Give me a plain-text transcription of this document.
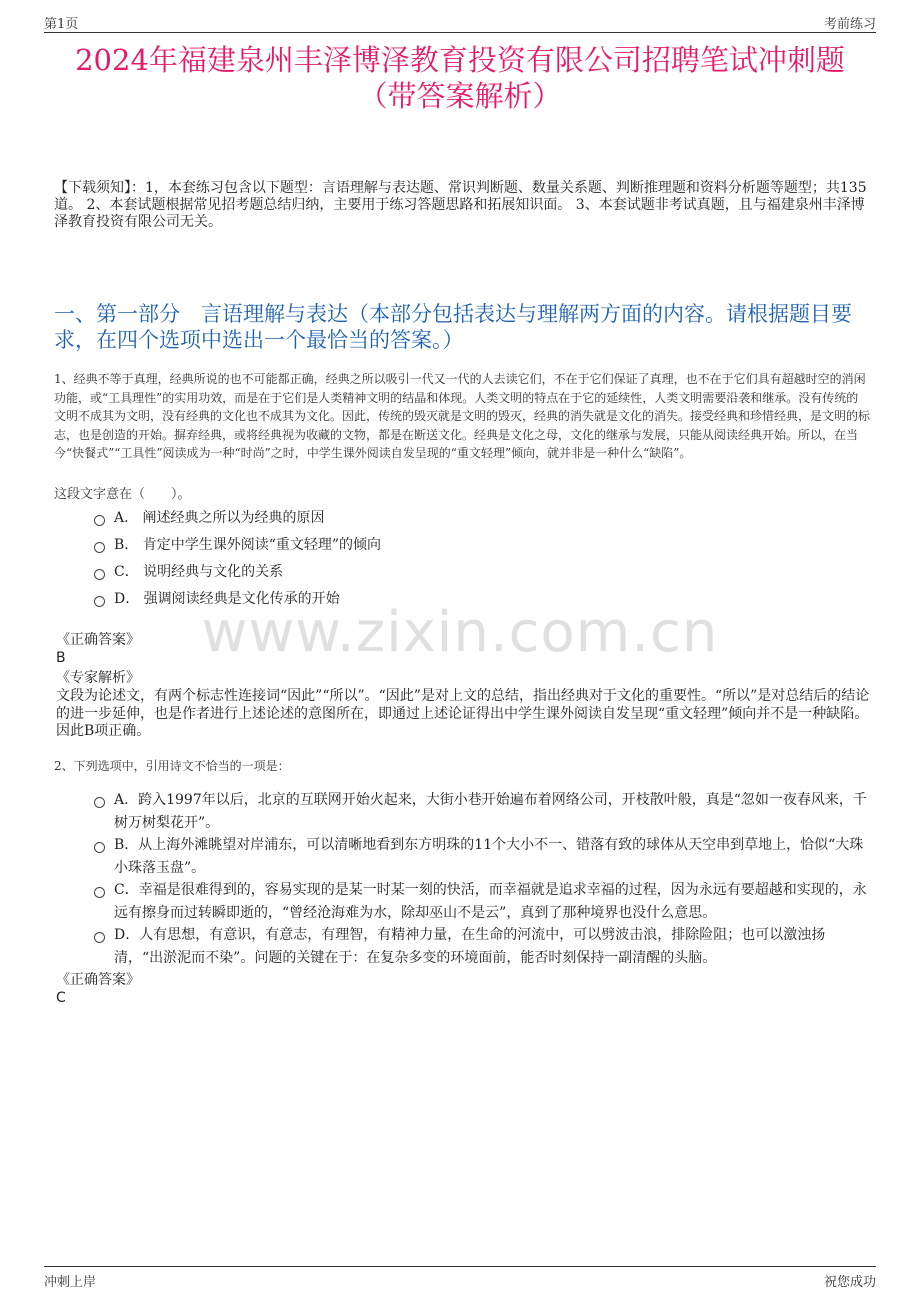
第1页	考前练习
2024年福建泉州丰泽博泽教育投资有限公司招聘笔试冲刺题（带答案解析）
【下载须知】：1，本套练习包含以下题型：言语理解与表达题、常识判断题、数量关系题、判断推理题和资料分析题等题型；共135道。 2、本套试题根据常见招考题总结归纳，主要用于练习答题思路和拓展知识面。 3、本套试题非考试真题，且与福建泉州丰泽博泽教育投资有限公司无关。
一、第一部分　言语理解与表达（本部分包括表达与理解两方面的内容。请根据题目要求，在四个选项中选出一个最恰当的答案。）
1、经典不等于真理，经典所说的也不可能都正确，经典之所以吸引一代又一代的人去读它们，不在于它们保证了真理，也不在于它们具有超越时空的消闲功能，或“工具理性”的实用功效，而是在于它们是人类精神文明的结晶和体现。人类文明的特点在于它的延续性，人类文明需要沿袭和继承。没有传统的文明不成其为文明，没有经典的文化也不成其为文化。因此，传统的毁灭就是文明的毁灭，经典的消失就是文化的消失。接受经典和珍惜经典，是文明的标志，也是创造的开始。摒弃经典，或将经典视为收藏的文物，都是在断送文化。经典是文化之母，文化的继承与发展，只能从阅读经典开始。所以，在当今“快餐式”“工具性”阅读成为一种“时尚”之时，中学生课外阅读自发呈现的“重文轻理”倾向，就并非是一种什么“缺陷”。
这段文字意在（　　）。
A． 阐述经典之所以为经典的原因
B． 肯定中学生课外阅读“重文轻理”的倾向
C． 说明经典与文化的关系
D． 强调阅读经典是文化传承的开始
www.zixin.com.cn
《正确答案》
B
《专家解析》
文段为论述文，有两个标志性连接词“因此”“所以”。“因此”是对上文的总结，指出经典对于文化的重要性。“所以”是对总结后的结论的进一步延伸，也是作者进行上述论述的意图所在，即通过上述论证得出中学生课外阅读自发呈现“重文轻理”倾向并不是一种缺陷。因此B项正确。
2、下列选项中，引用诗文不恰当的一项是：
A．跨入1997年以后，北京的互联网开始火起来，大街小巷开始遍布着网络公司，开枝散叶般，真是“忽如一夜春风来，千树万树梨花开”。
B．从上海外滩眺望对岸浦东，可以清晰地看到东方明珠的11个大小不一、错落有致的球体从天空串到草地上，恰似“大珠小珠落玉盘”。
C．幸福是很难得到的，容易实现的是某一时某一刻的快活，而幸福就是追求幸福的过程，因为永远有要超越和实现的，永远有擦身而过转瞬即逝的，“曾经沧海难为水，除却巫山不是云”，真到了那种境界也没什么意思。
D．人有思想，有意识，有意志，有理智，有精神力量，在生命的河流中，可以劈波击浪，排除险阻；也可以激浊扬清，“出淤泥而不染”。问题的关键在于：在复杂多变的环境面前，能否时刻保持一副清醒的头脑。
《正确答案》
C
冲刺上岸	祝您成功
